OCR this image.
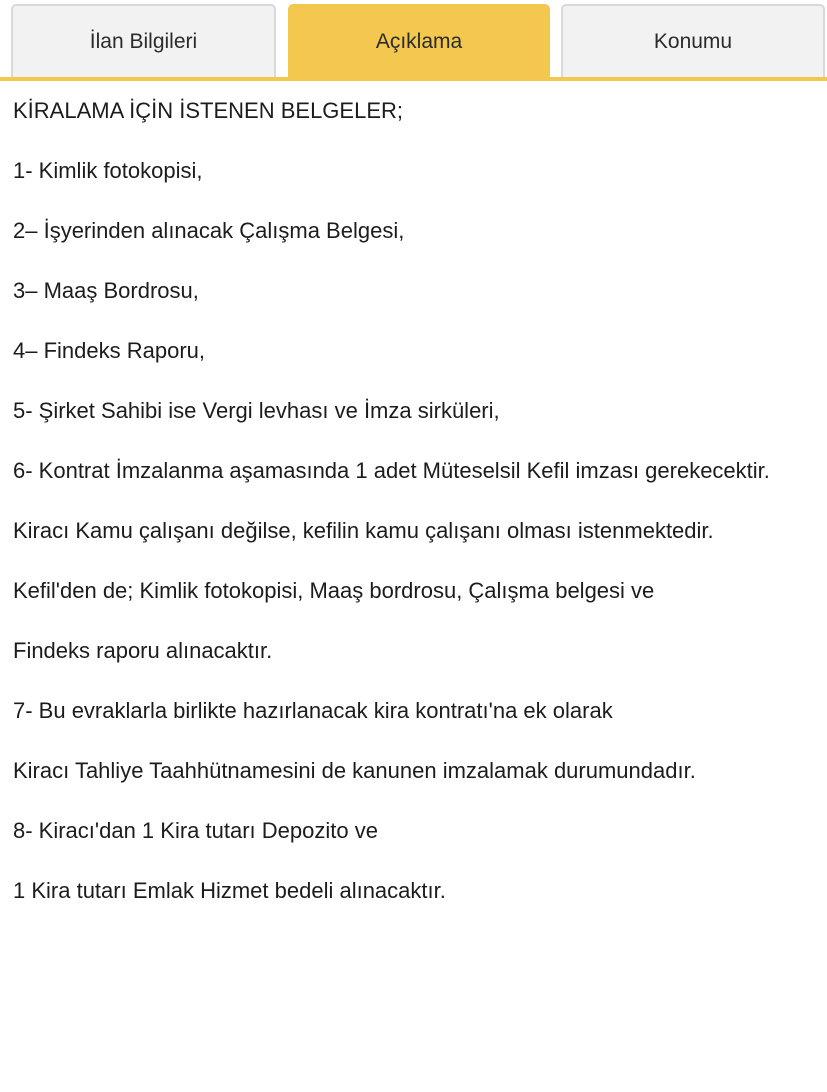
İlan Bilgileri	Açıklama	Konumu

KİRALAMA İÇİN İSTENEN BELGELER;

1- Kimlik fotokopisi,

2– İşyerinden alınacak Çalışma Belgesi,

3– Maaş Bordrosu,

4– Findeks Raporu,

5- Şirket Sahibi ise Vergi levhası ve İmza sirküleri,

6- Kontrat İmzalanma aşamasında 1 adet Müteselsil Kefil imzası gerekecektir.

Kiracı Kamu çalışanı değilse, kefilin kamu çalışanı olması istenmektedir.

Kefil'den de; Kimlik fotokopisi, Maaş bordrosu, Çalışma belgesi ve

Findeks raporu alınacaktır.

7- Bu evraklarla birlikte hazırlanacak kira kontratı'na ek olarak

Kiracı Tahliye Taahhütnamesini de kanunen imzalamak durumundadır.

8- Kiracı'dan 1 Kira tutarı Depozito ve

1 Kira tutarı Emlak Hizmet bedeli alınacaktır.
